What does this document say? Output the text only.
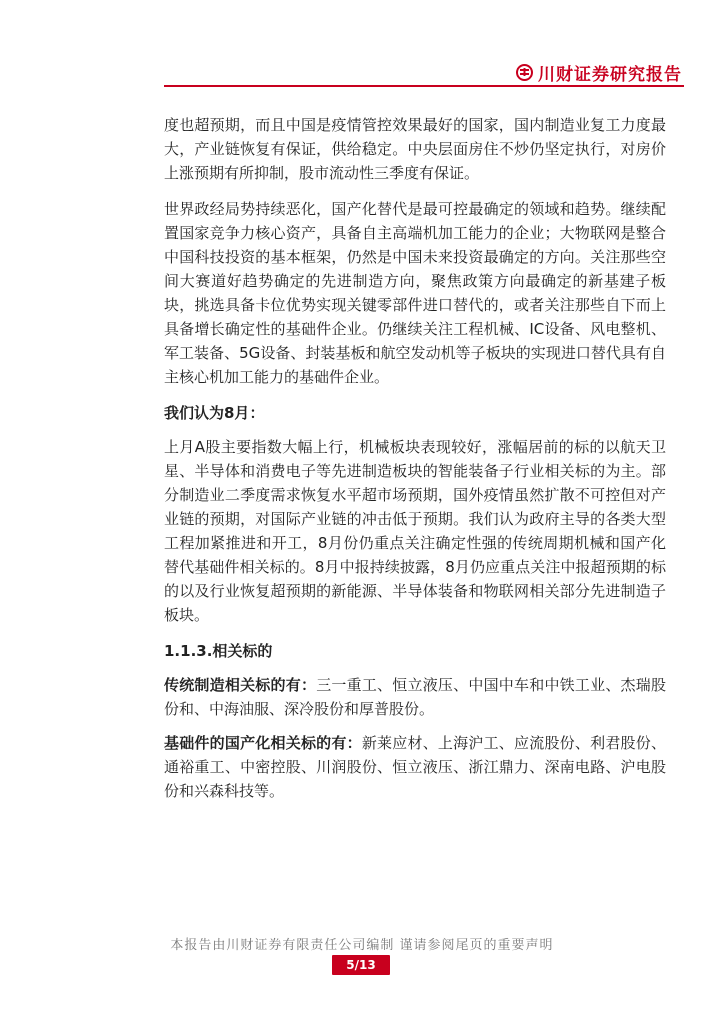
川财证券研究报告

度也超预期，而且中国是疫情管控效果最好的国家，国内制造业复工力度最大，产业链恢复有保证，供给稳定。中央层面房住不炒仍坚定执行，对房价上涨预期有所抑制，股市流动性三季度有保证。

世界政经局势持续恶化，国产化替代是最可控最确定的领域和趋势。继续配置国家竞争力核心资产，具备自主高端机加工能力的企业；大物联网是整合中国科技投资的基本框架，仍然是中国未来投资最确定的方向。关注那些空间大赛道好趋势确定的先进制造方向，聚焦政策方向最确定的新基建子板块，挑选具备卡位优势实现关键零部件进口替代的，或者关注那些自下而上具备增长确定性的基础件企业。仍继续关注工程机械、IC设备、风电整机、军工装备、5G设备、封装基板和航空发动机等子板块的实现进口替代具有自主核心机加工能力的基础件企业。

我们认为8月：

上月A股主要指数大幅上行，机械板块表现较好，涨幅居前的标的以航天卫星、半导体和消费电子等先进制造板块的智能装备子行业相关标的为主。部分制造业二季度需求恢复水平超市场预期，国外疫情虽然扩散不可控但对产业链的预期，对国际产业链的冲击低于预期。我们认为政府主导的各类大型工程加紧推进和开工，8月份仍重点关注确定性强的传统周期机械和国产化替代基础件相关标的。8月中报持续披露，8月仍应重点关注中报超预期的标的以及行业恢复超预期的新能源、半导体装备和物联网相关部分先进制造子板块。

1.1.3.相关标的

传统制造相关标的有：三一重工、恒立液压、中国中车和中铁工业、杰瑞股份和、中海油服、深冷股份和厚普股份。

基础件的国产化相关标的有：新莱应材、上海沪工、应流股份、利君股份、通裕重工、中密控股、川润股份、恒立液压、浙江鼎力、深南电路、沪电股份和兴森科技等。

本报告由川财证券有限责任公司编制 谨请参阅尾页的重要声明
5/13
